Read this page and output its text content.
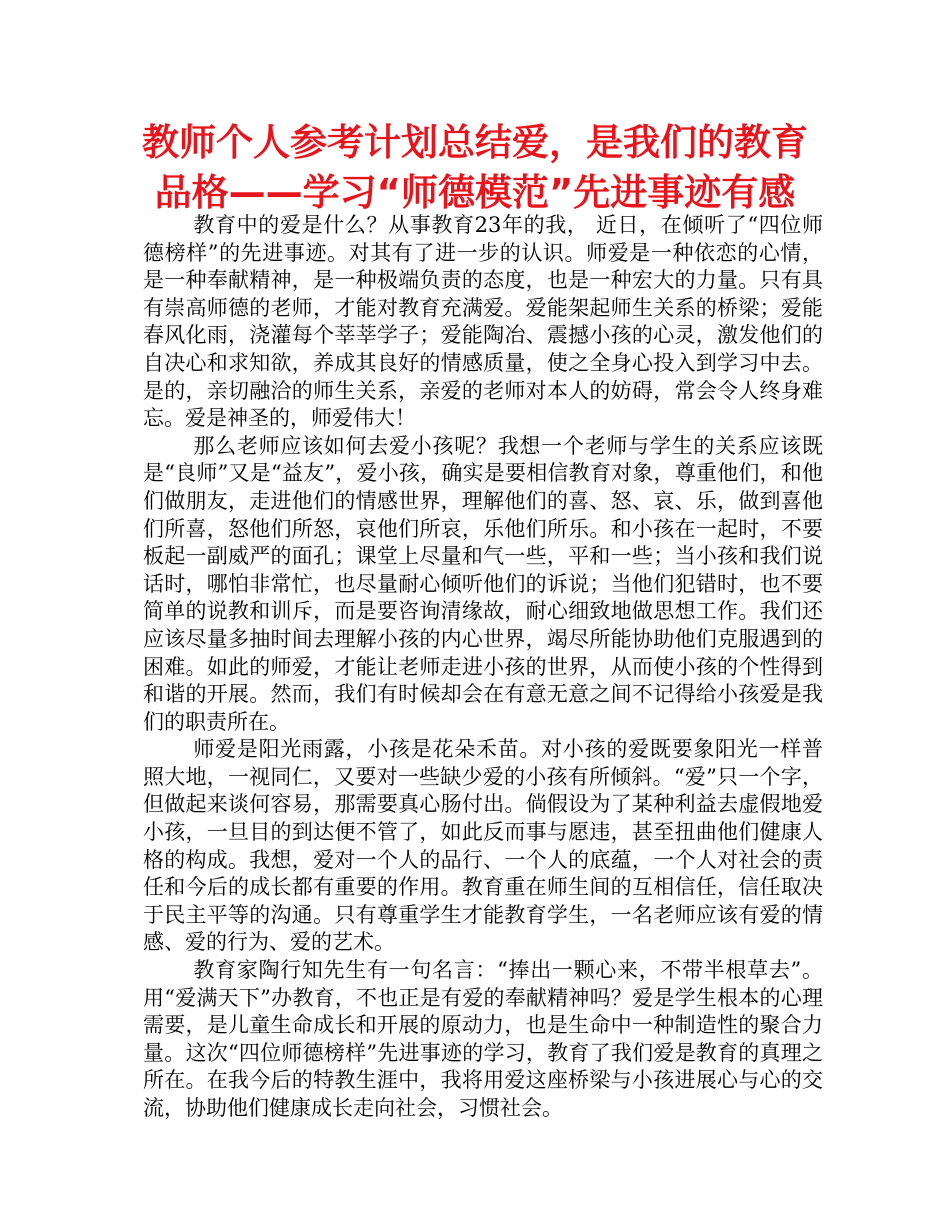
教师个人参考计划总结爱，是我们的教育
品格——学习“师德模范”先进事迹有感

教育中的爱是什么？从事教育23年的我， 近日，在倾听了“四位师德榜样”的先进事迹。对其有了进一步的认识。师爱是一种依恋的心情，是一种奉献精神，是一种极端负责的态度，也是一种宏大的力量。只有具有崇高师德的老师，才能对教育充满爱。爱能架起师生关系的桥梁；爱能春风化雨，浇灌每个莘莘学子；爱能陶冶、震撼小孩的心灵，激发他们的自决心和求知欲，养成其良好的情感质量，使之全身心投入到学习中去。是的，亲切融洽的师生关系，亲爱的老师对本人的妨碍，常会令人终身难忘。爱是神圣的，师爱伟大！

那么老师应该如何去爱小孩呢？我想一个老师与学生的关系应该既是“良师”又是“益友”，爱小孩，确实是要相信教育对象，尊重他们，和他们做朋友，走进他们的情感世界，理解他们的喜、怒、哀、乐，做到喜他们所喜，怒他们所怒，哀他们所哀，乐他们所乐。和小孩在一起时，不要板起一副威严的面孔；课堂上尽量和气一些，平和一些；当小孩和我们说话时，哪怕非常忙，也尽量耐心倾听他们的诉说；当他们犯错时，也不要简单的说教和训斥，而是要咨询清缘故，耐心细致地做思想工作。我们还应该尽量多抽时间去理解小孩的内心世界，竭尽所能协助他们克服遇到的困难。如此的师爱，才能让老师走进小孩的世界，从而使小孩的个性得到和谐的开展。然而，我们有时候却会在有意无意之间不记得给小孩爱是我们的职责所在。

师爱是阳光雨露，小孩是花朵禾苗。对小孩的爱既要象阳光一样普照大地，一视同仁，又要对一些缺少爱的小孩有所倾斜。“爱”只一个字，但做起来谈何容易，那需要真心肠付出。倘假设为了某种利益去虚假地爱小孩，一旦目的到达便不管了，如此反而事与愿违，甚至扭曲他们健康人格的构成。我想，爱对一个人的品行、一个人的底蕴，一个人对社会的责任和今后的成长都有重要的作用。教育重在师生间的互相信任，信任取决于民主平等的沟通。只有尊重学生才能教育学生，一名老师应该有爱的情感、爱的行为、爱的艺术。

教育家陶行知先生有一句名言：“捧出一颗心来，不带半根草去”。用“爱满天下”办教育，不也正是有爱的奉献精神吗？爱是学生根本的心理需要，是儿童生命成长和开展的原动力，也是生命中一种制造性的聚合力量。这次“四位师德榜样”先进事迹的学习，教育了我们爱是教育的真理之所在。在我今后的特教生涯中，我将用爱这座桥梁与小孩进展心与心的交流，协助他们健康成长走向社会，习惯社会。
